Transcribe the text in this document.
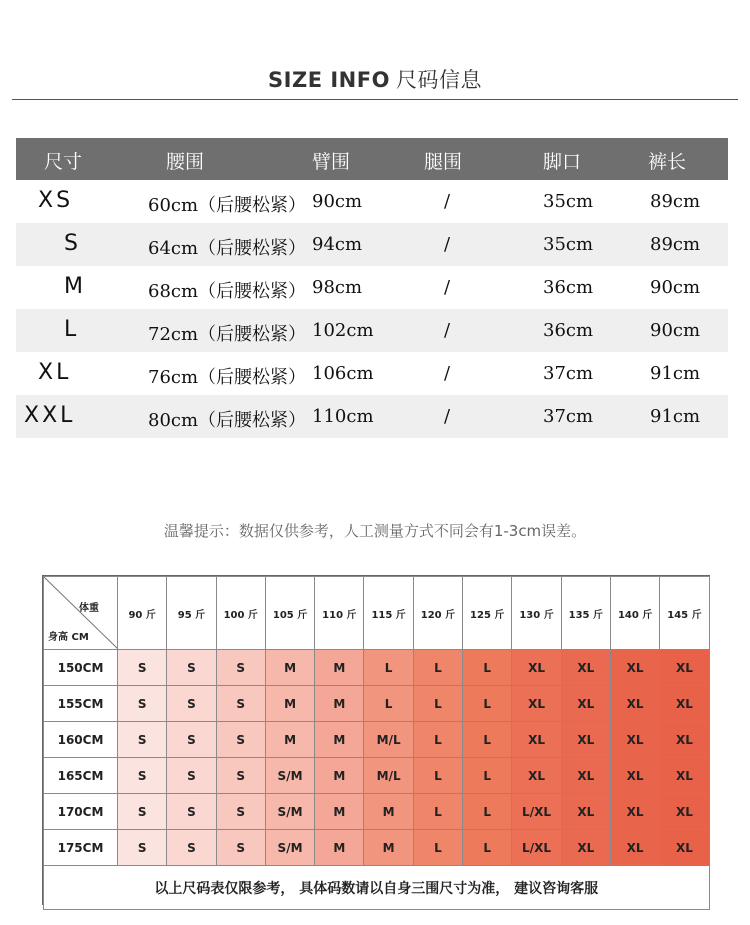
SIZE INFO 尺码信息
尺寸	腰围	臂围	腿围	脚口	裤长
XS	60cm（后腰松紧） 90cm	/	35cm	89cm
S	64cm（后腰松紧） 94cm	/	35cm	89cm
M	68cm（后腰松紧） 98cm	/	36cm	90cm
L	72cm（后腰松紧） 102cm	/	36cm	90cm
XL	76cm（后腰松紧） 106cm	/	37cm	91cm
XXL	80cm（后腰松紧） 110cm	/	37cm	91cm
温馨提示：数据仅供参考，人工测量方式不同会有1-3cm误差。
体重
身高 CM	90 斤	95 斤	100 斤	105 斤	110 斤	115 斤	120 斤	125 斤	130 斤	135 斤	140 斤	145 斤
150CM	S	S	S	M	M	L	L	L	XL	XL	XL	XL
155CM	S	S	S	M	M	L	L	L	XL	XL	XL	XL
160CM	S	S	S	M	M	M/L	L	L	XL	XL	XL	XL
165CM	S	S	S	S/M	M	M/L	L	L	XL	XL	XL	XL
170CM	S	S	S	S/M	M	M	L	L	L/XL	XL	XL	XL
175CM	S	S	S	S/M	M	M	L	L	L/XL	XL	XL	XL
以上尺码表仅限参考， 具体码数请以自身三围尺寸为准， 建议咨询客服												
